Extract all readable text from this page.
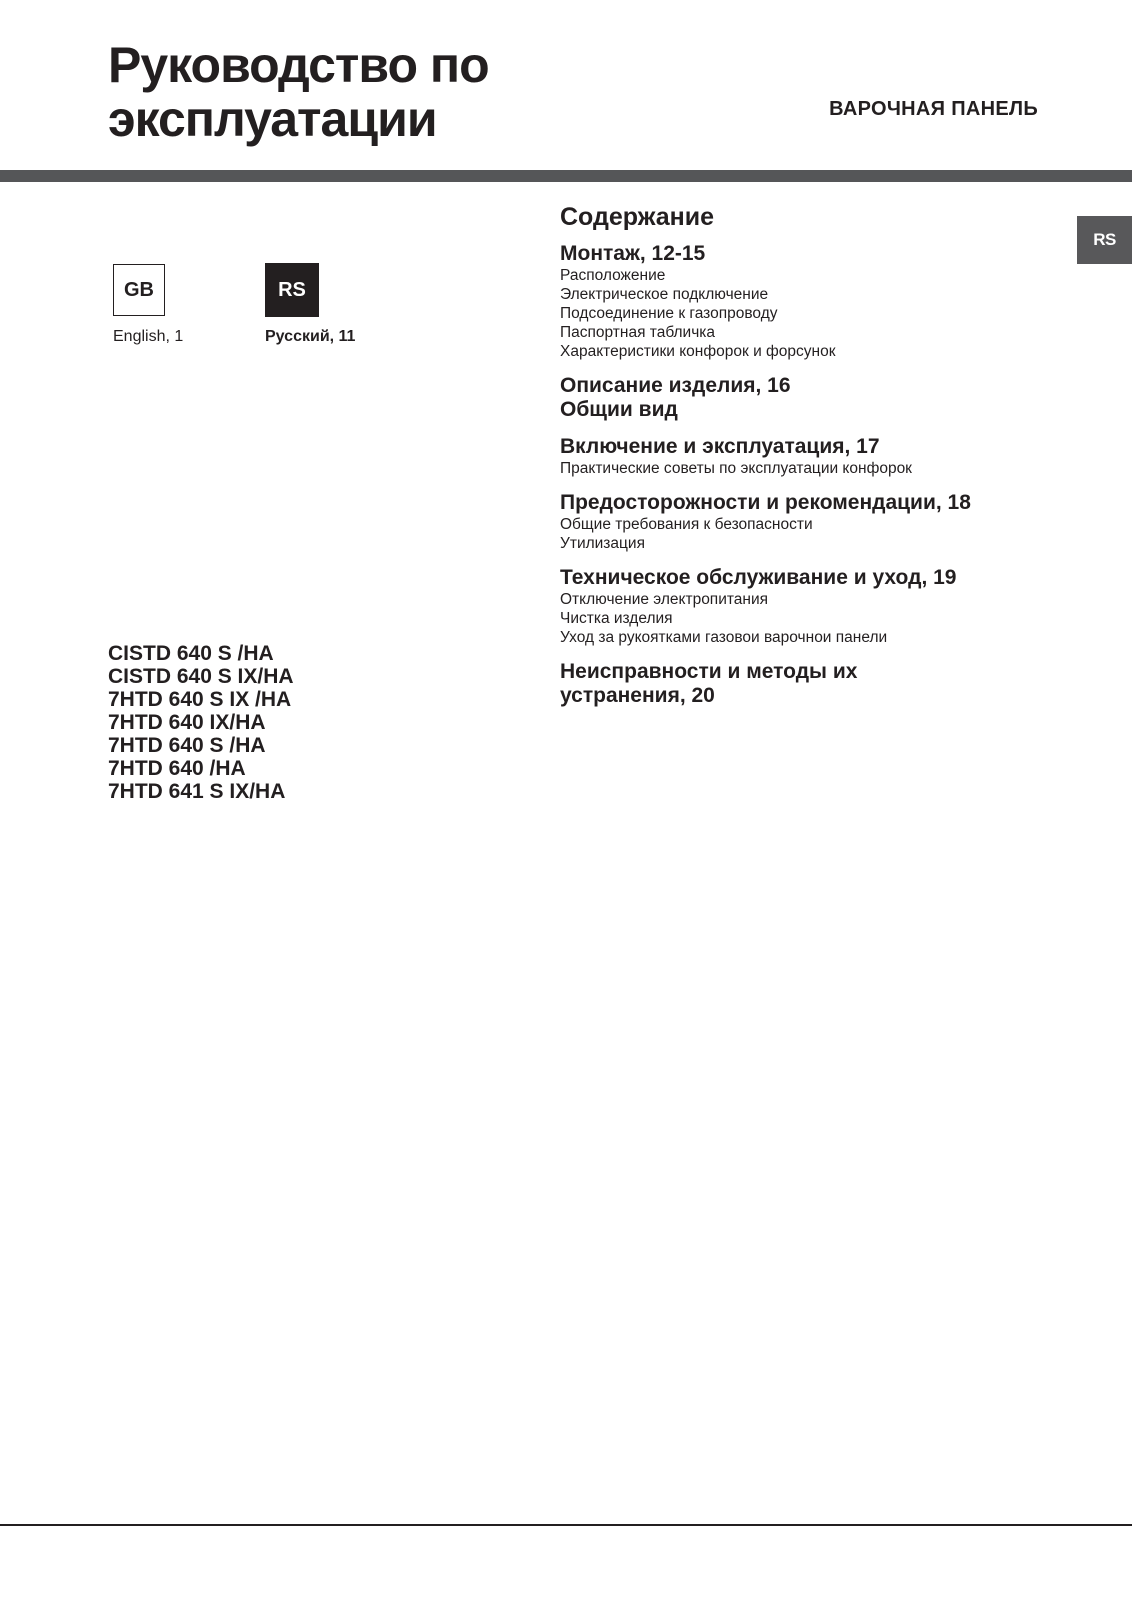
Руководство по
эксплуатации	ВАРОЧНАЯ ПАНЕЛЬ
RS
GB
English, 1
RS
Русский, 11
CISTD 640 S /HA
CISTD 640 S IX/HA
7HTD 640 S IX /HA
7HTD 640 IX/HA
7HTD 640 S /HA
7HTD 640 /HA
7HTD 641 S IX/HA
Содержание
Монтаж, 12-15
Расположение
Электрическое подключение
Подсоединение к газопроводу
Паспортная табличка
Характеристики конфорок и форсунок
Описание изделия, 16
Общии вид
Включение и эксплуатация, 17
Практические советы по эксплуатации конфорок
Предосторожности и рекомендации, 18
Общие требования к безопасности
Утилизация
Техническое обслуживание и уход, 19
Отключение электропитания
Чистка изделия
Уход за рукоятками газовои варочнои панели
Неисправности и методы их
устранения, 20
